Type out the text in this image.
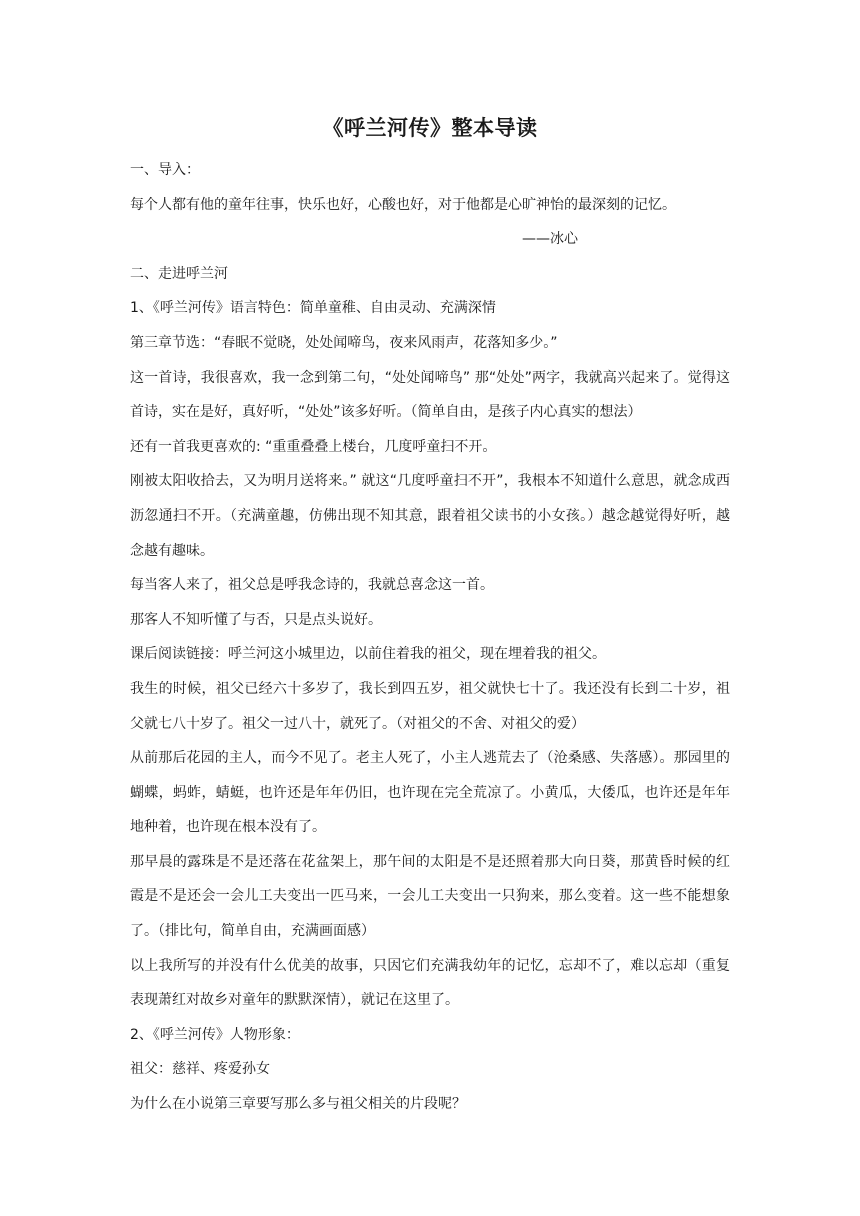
《呼兰河传》整本导读

一、导入：

每个人都有他的童年往事，快乐也好，心酸也好，对于他都是心旷神怡的最深刻的记忆。

——冰心

二、走进呼兰河

1、《呼兰河传》语言特色：简单童稚、自由灵动、充满深情

第三章节选：“春眠不觉晓，处处闻啼鸟，夜来风雨声，花落知多少。”

这一首诗，我很喜欢，我一念到第二句，“处处闻啼鸟” 那“处处”两字，我就高兴起来了。觉得这首诗，实在是好，真好听，“处处”该多好听。（简单自由，是孩子内心真实的想法）

还有一首我更喜欢的: “重重叠叠上楼台，几度呼童扫不开。

刚被太阳收拾去，又为明月送将来。” 就这“几度呼童扫不开”，我根本不知道什么意思，就念成西沥忽通扫不开。（充满童趣，仿佛出现不知其意，跟着祖父读书的小女孩。）越念越觉得好听，越念越有趣味。

每当客人来了，祖父总是呼我念诗的，我就总喜念这一首。

那客人不知听懂了与否，只是点头说好。

课后阅读链接：呼兰河这小城里边，以前住着我的祖父，现在埋着我的祖父。

我生的时候，祖父已经六十多岁了，我长到四五岁，祖父就快七十了。我还没有长到二十岁，祖父就七八十岁了。祖父一过八十，就死了。（对祖父的不舍、对祖父的爱）

从前那后花园的主人，而今不见了。老主人死了，小主人逃荒去了（沧桑感、失落感）。那园里的蝴蝶，蚂蚱，蜻蜓，也许还是年年仍旧，也许现在完全荒凉了。小黄瓜，大倭瓜，也许还是年年地种着，也许现在根本没有了。

那早晨的露珠是不是还落在花盆架上，那午间的太阳是不是还照着那大向日葵，那黄昏时候的红霞是不是还会一会儿工夫变出一匹马来，一会儿工夫变出一只狗来，那么变着。这一些不能想象了。（排比句，简单自由，充满画面感）

以上我所写的并没有什么优美的故事，只因它们充满我幼年的记忆，忘却不了，难以忘却（重复表现萧红对故乡对童年的默默深情），就记在这里了。

2、《呼兰河传》人物形象：

祖父：慈祥、疼爱孙女

为什么在小说第三章要写那么多与祖父相关的片段呢？
